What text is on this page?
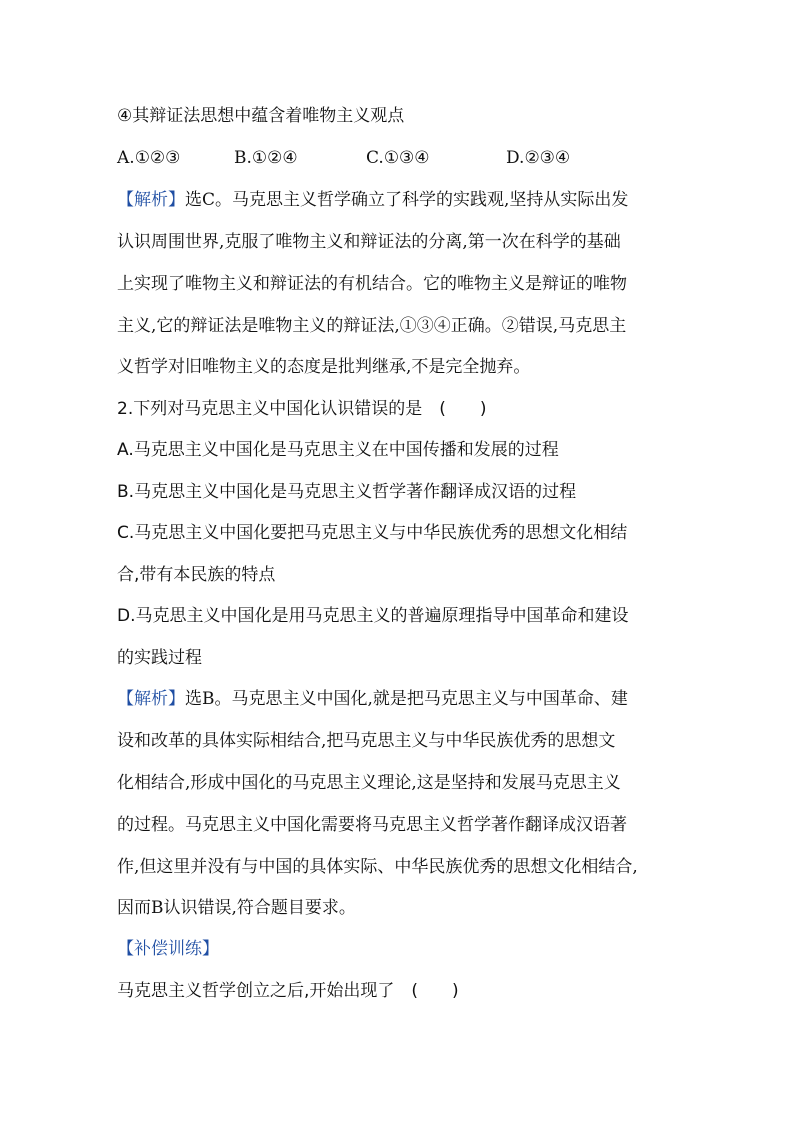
④其辩证法思想中蕴含着唯物主义观点
A.①②③	B.①②④	C.①③④	D.②③④
【解析】选C。马克思主义哲学确立了科学的实践观,坚持从实际出发
认识周围世界,克服了唯物主义和辩证法的分离,第一次在科学的基础
上实现了唯物主义和辩证法的有机结合。它的唯物主义是辩证的唯物
主义,它的辩证法是唯物主义的辩证法,①③④正确。②错误,马克思主
义哲学对旧唯物主义的态度是批判继承,不是完全抛弃。
2.下列对马克思主义中国化认识错误的是　(　　)
A.马克思主义中国化是马克思主义在中国传播和发展的过程
B.马克思主义中国化是马克思主义哲学著作翻译成汉语的过程
C.马克思主义中国化要把马克思主义与中华民族优秀的思想文化相结
合,带有本民族的特点
D.马克思主义中国化是用马克思主义的普遍原理指导中国革命和建设
的实践过程
【解析】选B。马克思主义中国化,就是把马克思主义与中国革命、建
设和改革的具体实际相结合,把马克思主义与中华民族优秀的思想文
化相结合,形成中国化的马克思主义理论,这是坚持和发展马克思主义
的过程。马克思主义中国化需要将马克思主义哲学著作翻译成汉语著
作,但这里并没有与中国的具体实际、中华民族优秀的思想文化相结合,
因而B认识错误,符合题目要求。
【补偿训练】
马克思主义哲学创立之后,开始出现了　(　　)
